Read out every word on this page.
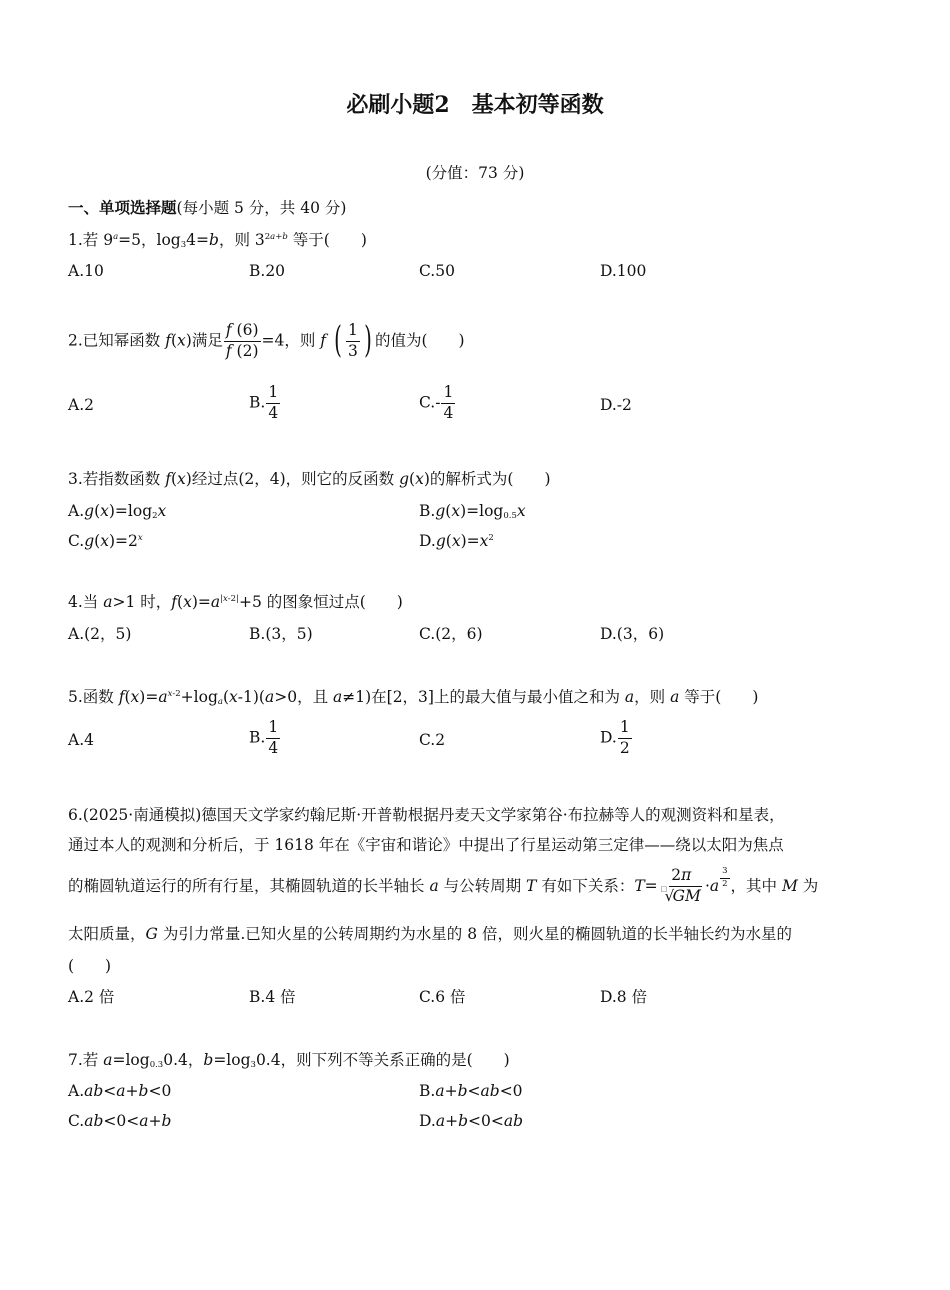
必刷小题2　基本初等函数
(分值：73 分)
一、单项选择题(每小题 5 分，共 40 分)
1.若 $9^a=5$，$\log_34=b$，则 $3^{2a+b}$ 等于(　　)
A.10	B.20	C.50	D.100
2.已知幂函数 f(x)满足 $\frac{f (6)}{f (2)} =4$，则 f ( $\frac{1}{3}$ ) 的值为(　　)
A.2	B. $\frac{1}{4}$	$C.- \frac{1}{4}$	D.-2
3.若指数函数 f(x)经过点(2，4)，则它的反函数 g(x)的解析式为(　　)
$A.g(x)=\log_2x$	$B.g(x)=\log_{0.5}x$
$C.g(x)=2^x$	$D.g(x)=x^2$
4.当 a>1 时，$f(x)=a^{|x-2|}+5$ 的图象恒过点(　　)
A.(2，5)	B.(3，5)	C.(2，6)	D.(3，6)
5.函数 $f(x)=a^{x-2}+\log_a(x-1)(a>0$，且 a≠1)在[2，3]上的最大值与最小值之和为 a，则 a 等于(　　)
A.4	B. $\frac{1}{4}$	C.2	D. $\frac{1}{2}$
6.(2025·南通模拟)德国天文学家约翰尼斯·开普勒根据丹麦天文学家第谷·布拉赫等人的观测资料和星表，
通过本人的观测和分析后，于 1618 年在《宇宙和谐论》中提出了行星运动第三定律——绕以太阳为焦点
的椭圆轨道运行的所有行星，其椭圆轨道的长半轴长 a 与公转周期 T 有如下关系：T= 2π
□
√
GM ·a $^{\frac{3}{2}}$ ，其中 M 为
太阳质量，G 为引力常量.已知火星的公转周期约为水星的 8 倍，则火星的椭圆轨道的长半轴长约为水星的
(　　)
A.2 倍	B.4 倍	C.6 倍	D.8 倍
7.若 $a=\log_{0.3}0.4$，$b=\log_30.4$，则下列不等关系正确的是(　　)
A.ab<a+b<0	B.a+b<ab<0
C.ab<0<a+b	D.a+b<0<ab
